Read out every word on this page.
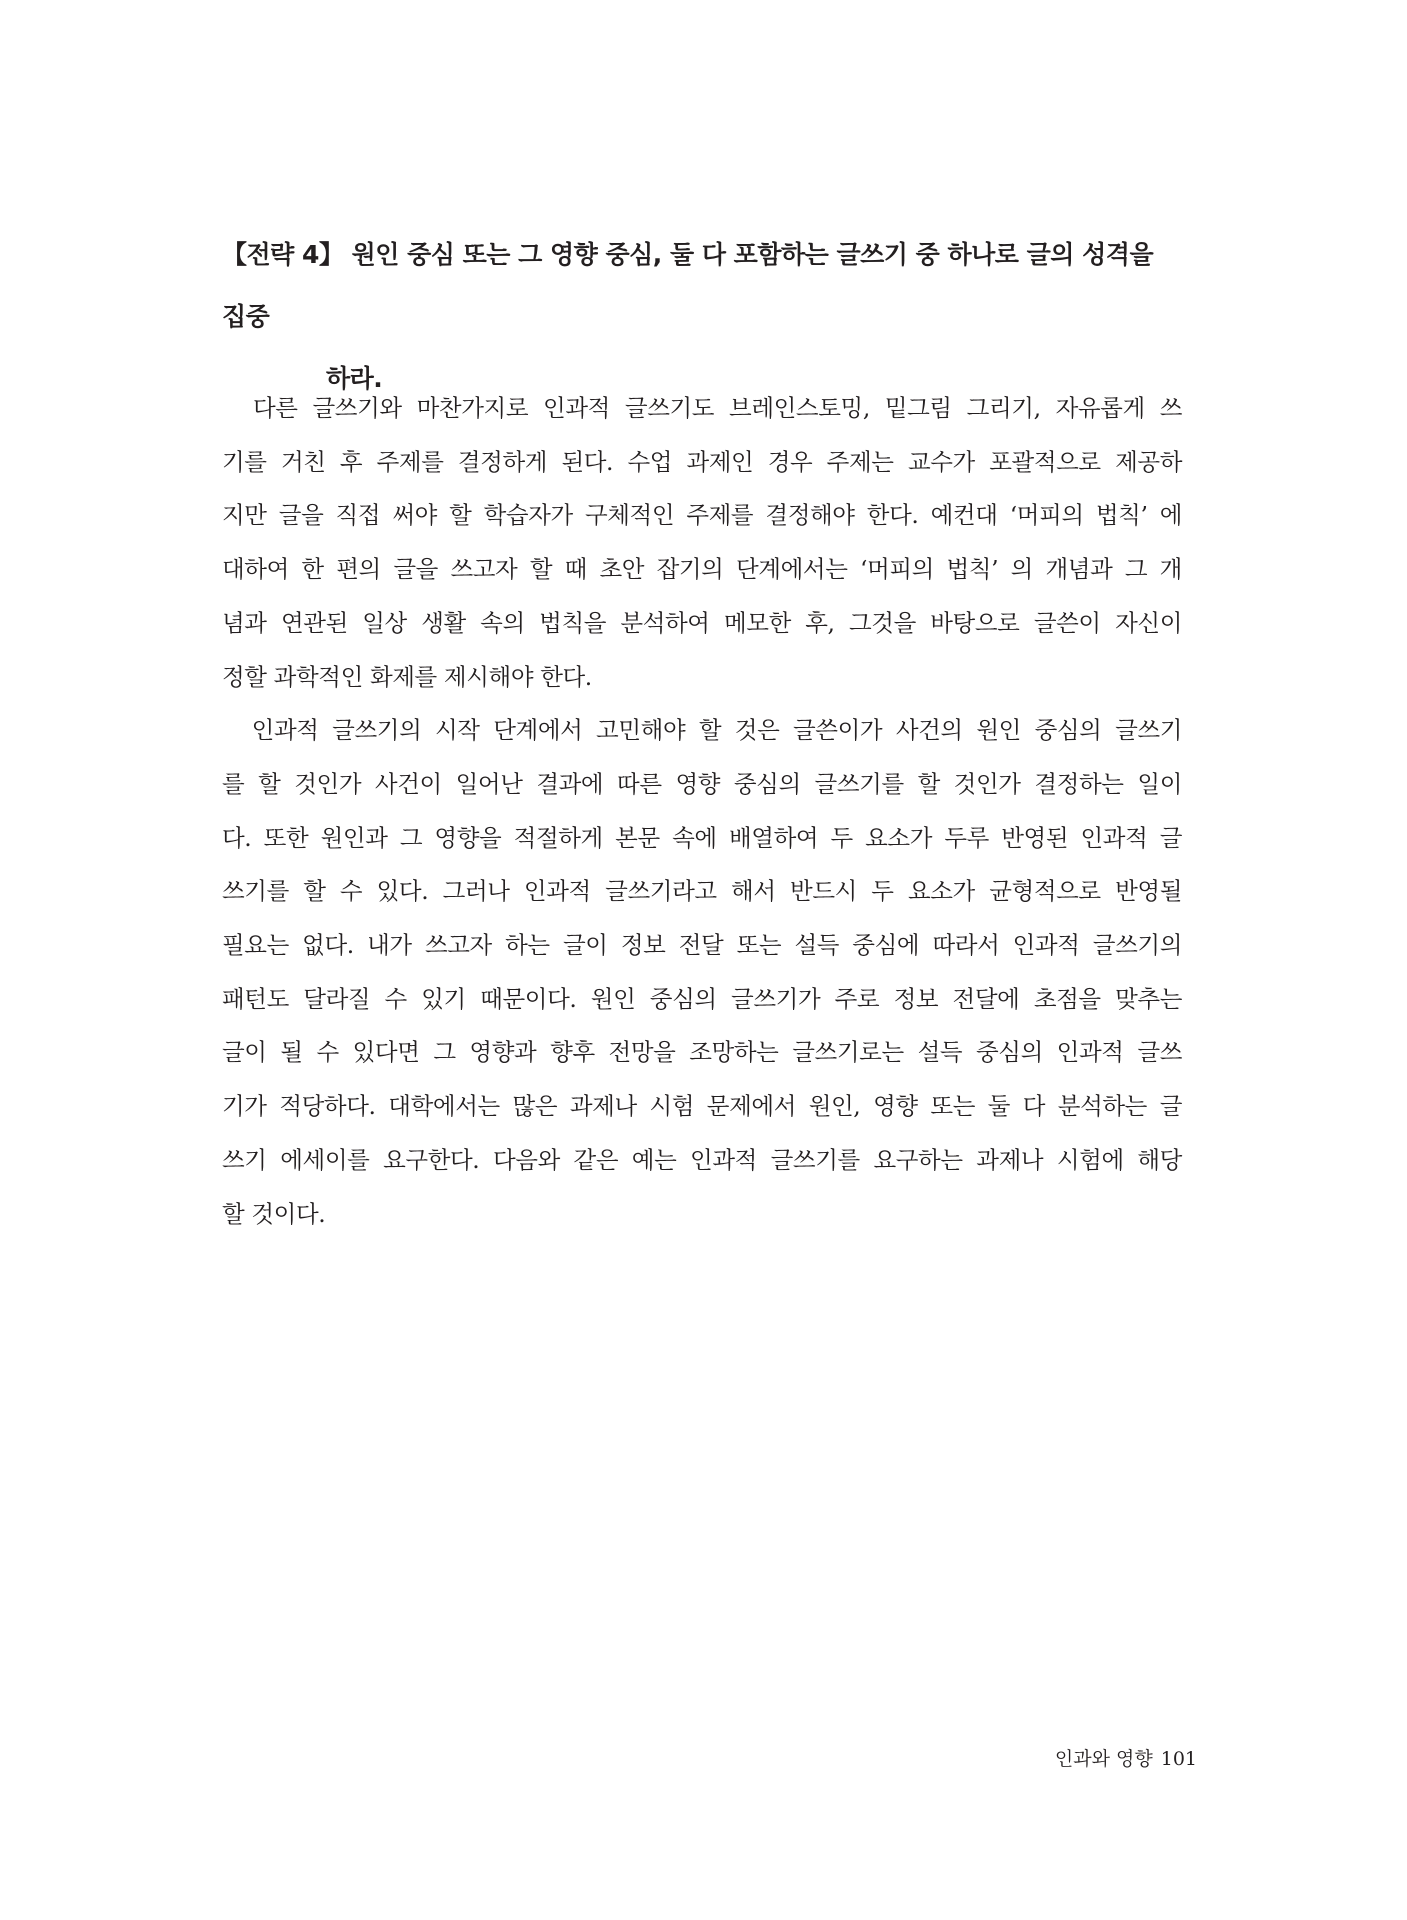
【전략 4】 원인 중심 또는 그 영향 중심, 둘 다 포함하는 글쓰기 중 하나로 글의 성격을 집중
하라.
　다른 글쓰기와 마찬가지로 인과적 글쓰기도 브레인스토밍, 밑그림 그리기, 자유롭게 쓰
기를 거친 후 주제를 결정하게 된다. 수업 과제인 경우 주제는 교수가 포괄적으로 제공하
지만 글을 직접 써야 할 학습자가 구체적인 주제를 결정해야 한다. 예컨대 ‘머피의 법칙’ 에
대하여 한 편의 글을 쓰고자 할 때 초안 잡기의 단계에서는 ‘머피의 법칙’ 의 개념과 그 개
념과 연관된 일상 생활 속의 법칙을 분석하여 메모한 후, 그것을 바탕으로 글쓴이 자신이
정할 과학적인 화제를 제시해야 한다.
　인과적 글쓰기의 시작 단계에서 고민해야 할 것은 글쓴이가 사건의 원인 중심의 글쓰기
를 할 것인가 사건이 일어난 결과에 따른 영향 중심의 글쓰기를 할 것인가 결정하는 일이
다. 또한 원인과 그 영향을 적절하게 본문 속에 배열하여 두 요소가 두루 반영된 인과적 글
쓰기를 할 수 있다. 그러나 인과적 글쓰기라고 해서 반드시 두 요소가 균형적으로 반영될
필요는 없다. 내가 쓰고자 하는 글이 정보 전달 또는 설득 중심에 따라서 인과적 글쓰기의
패턴도 달라질 수 있기 때문이다. 원인 중심의 글쓰기가 주로 정보 전달에 초점을 맞추는
글이 될 수 있다면 그 영향과 향후 전망을 조망하는 글쓰기로는 설득 중심의 인과적 글쓰
기가 적당하다. 대학에서는 많은 과제나 시험 문제에서 원인, 영향 또는 둘 다 분석하는 글
쓰기 에세이를 요구한다. 다음와 같은 예는 인과적 글쓰기를 요구하는 과제나 시험에 해당
할 것이다.
인과와 영향 101
